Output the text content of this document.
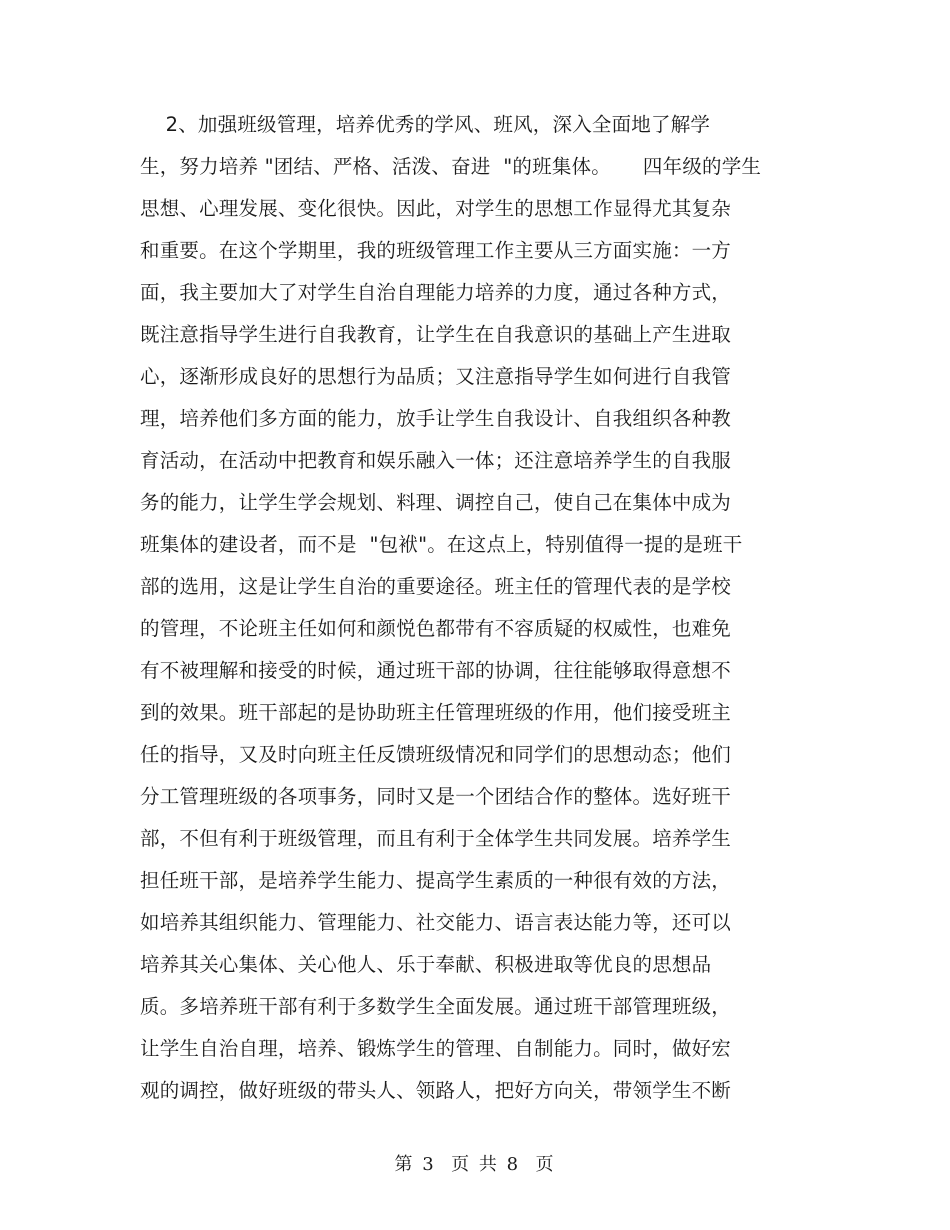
2、加强班级管理，培养优秀的学风、班风，深入全面地了解学
生，努力培养 "团结、严格、活泼、奋进  "的班集体。     四年级的学生
思想、心理发展、变化很快。因此，对学生的思想工作显得尤其复杂
和重要。在这个学期里，我的班级管理工作主要从三方面实施：一方
面，我主要加大了对学生自治自理能力培养的力度，通过各种方式，
既注意指导学生进行自我教育，让学生在自我意识的基础上产生进取
心，逐渐形成良好的思想行为品质；又注意指导学生如何进行自我管
理，培养他们多方面的能力，放手让学生自我设计、自我组织各种教
育活动，在活动中把教育和娱乐融入一体；还注意培养学生的自我服
务的能力，让学生学会规划、料理、调控自己，使自己在集体中成为
班集体的建设者，而不是  "包袱"。在这点上，特别值得一提的是班干
部的选用，这是让学生自治的重要途径。班主任的管理代表的是学校
的管理，不论班主任如何和颜悦色都带有不容质疑的权威性，也难免
有不被理解和接受的时候，通过班干部的协调，往往能够取得意想不
到的效果。班干部起的是协助班主任管理班级的作用，他们接受班主
任的指导，又及时向班主任反馈班级情况和同学们的思想动态；他们
分工管理班级的各项事务，同时又是一个团结合作的整体。选好班干
部，不但有利于班级管理，而且有利于全体学生共同发展。培养学生
担任班干部，是培养学生能力、提高学生素质的一种很有效的方法，
如培养其组织能力、管理能力、社交能力、语言表达能力等，还可以
培养其关心集体、关心他人、乐于奉献、积极进取等优良的思想品
质。多培养班干部有利于多数学生全面发展。通过班干部管理班级，
让学生自治自理，培养、锻炼学生的管理、自制能力。同时，做好宏
观的调控，做好班级的带头人、领路人，把好方向关，带领学生不断
第 3  页 共 8  页
